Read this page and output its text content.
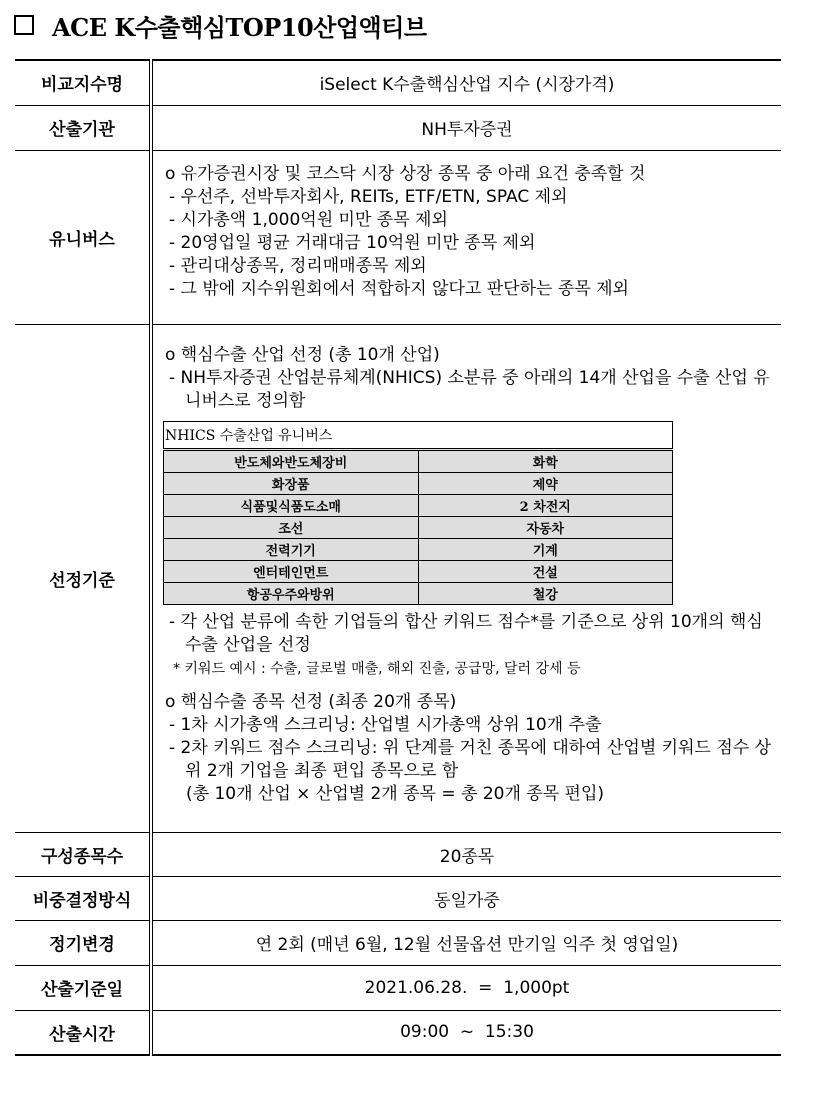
ACE K수출핵심TOP10산업액티브
비교지수명	iSelect K수출핵심산업 지수 (시장가격)
산출기관	NH투자증권
유니버스	
o 유가증권시장 및 코스닥 시장 상장 종목 중 아래 요건 충족할 것
- 우선주, 선박투자회사, REITs, ETF/ETN, SPAC 제외
- 시가총액 1,000억원 미만 종목 제외
- 20영업일 평균 거래대금 10억원 미만 종목 제외
- 관리대상종목, 정리매매종목 제외
- 그 밖에 지수위원회에서 적합하지 않다고 판단하는 종목 제외

선정기준	
o 핵심수출 산업 선정 (총 10개 산업)
- NH투자증권 산업분류체계(NHICS) 소분류 중 아래의 14개 산업을 수출 산업 유니버스로 정의함
NHICS 수출산업 유니버스
반도체와반도체장비	화학
화장품	제약
식품및식품도소매	2 차전지
조선	자동차
전력기기	기계
엔터테인먼트	건설
항공우주와방위	철강
- 각 산업 분류에 속한 기업들의 합산 키워드 점수*를 기준으로 상위 10개의 핵심수출 산업을 선정
* 키워드 예시 : 수출, 글로벌 매출, 해외 진출, 공급망, 달러 강세 등
o 핵심수출 종목 선정 (최종 20개 종목)
- 1차 시가총액 스크리닝: 산업별 시가총액 상위 10개 추출
- 2차 키워드 점수 스크리닝: 위 단계를 거친 종목에 대하여 산업별 키워드 점수 상위 2개 기업을 최종 편입 종목으로 함
(총 10개 산업 × 산업별 2개 종목 = 총 20개 종목 편입)

구성종목수	20종목
비중결정방식	동일가중
정기변경	연 2회 (매년 6월, 12월 선물옵션 만기일 익주 첫 영업일)
산출기준일	2021.06.28.  =  1,000pt
산출시간	09:00  ~  15:30
